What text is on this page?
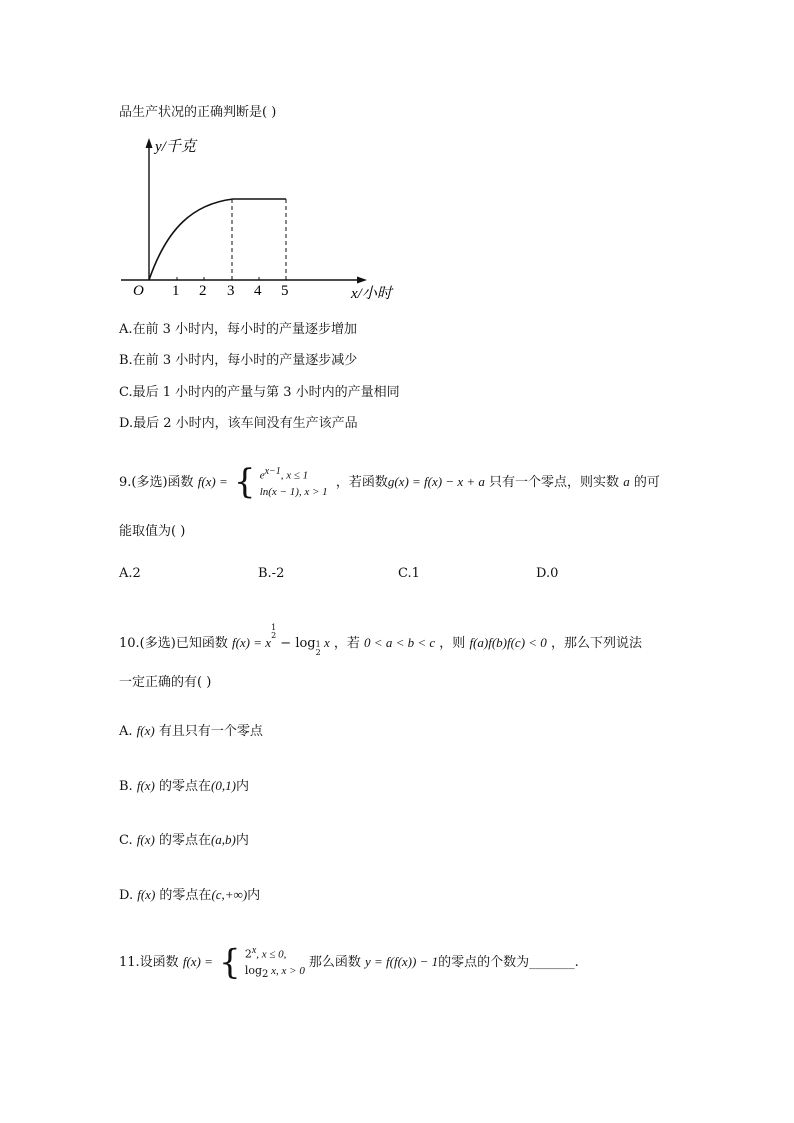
品生产状况的正确判断是( )
y/千克
x/小时
O 1 2 3 4 5
A.在前 3 小时内，每小时的产量逐步增加
B.在前 3 小时内，每小时的产量逐步减少
C.最后 1 小时内的产量与第 3 小时内的产量相同
D.最后 2 小时内，该车间没有生产该产品
9.(多选)函数 f(x) = { $e^{x-1}$, x ≤ 1
ln(x − 1), x > 1 ，若函数g(x) = f(x) − x + a 只有一个零点，则实数 a 的可
能取值为( )
A.2	B.-2	C.1	D.0
10.(多选)已知函数 f(x) = x1
2 − log1
2 x ，若 0 < a < b < c ，则 f(a)f(b)f(c) < 0 ，那么下列说法
一定正确的有( )
A. f(x) 有且只有一个零点
B. f(x) 的零点在(0,1)内
C. f(x) 的零点在(a,b)内
D. f(x) 的零点在(c,+∞)内
11.设函数 f(x) = { 2$^x$, x ≤ 0,
$\log_2 x$, x > 0那么函数 y = f(f(x)) − 1的零点的个数为_______.
